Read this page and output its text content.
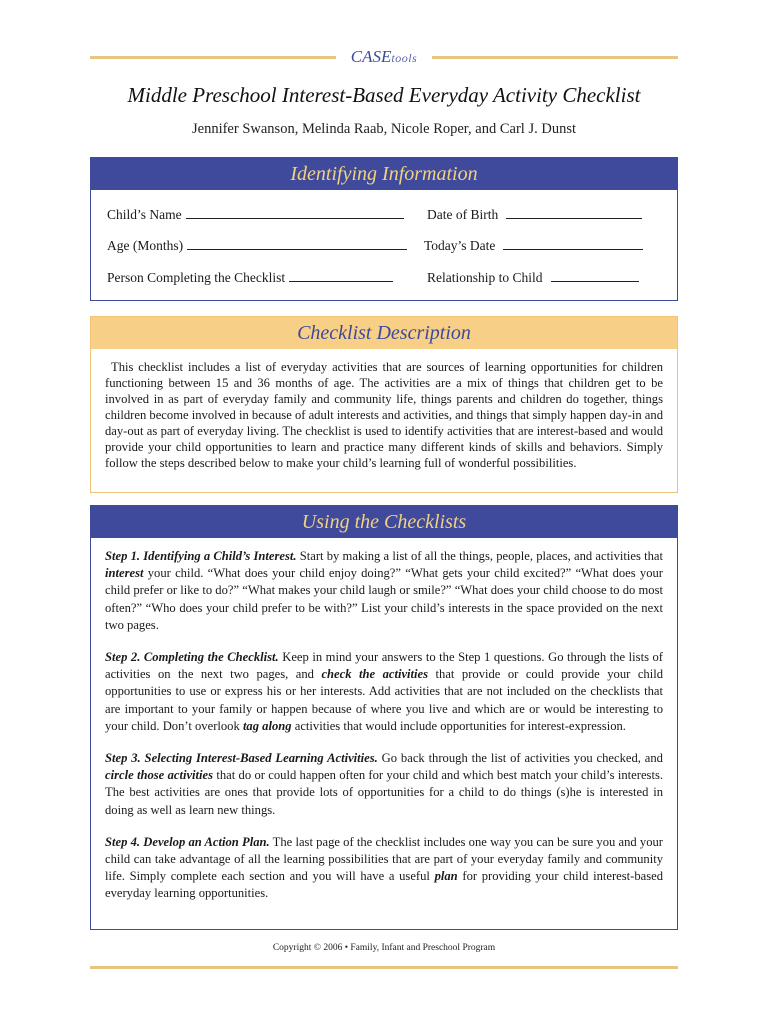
CASEtools
Middle Preschool Interest-Based Everyday Activity Checklist
Jennifer Swanson, Melinda Raab, Nicole Roper, and Carl J. Dunst
Identifying Information
Child’s Name	Date of Birth
Age (Months)	Today’s Date
Person Completing the Checklist	Relationship to Child
Checklist Description
This checklist includes a list of everyday activities that are sources of learning opportunities for children functioning between 15 and 36 months of age. The activities are a mix of things that children get to be involved in as part of everyday family and community life, things parents and children do together, things children become involved in because of adult interests and activities, and things that simply happen day-in and day-out as part of everyday living. The checklist is used to identify activities that are interest-based and would provide your child opportunities to learn and practice many different kinds of skills and behaviors. Simply follow the steps described below to make your child’s learning full of wonderful possibilities.
Using the Checklists

Step 1. Identifying a Child’s Interest. Start by making a list of all the things, people, places, and activities that interest your child. “What does your child enjoy doing?” “What gets your child excited?” “What does your child prefer or like to do?” “What makes your child laugh or smile?” “What does your child choose to do most often?” “Who does your child prefer to be with?” List your child’s interests in the space provided on the next two pages.

Step 2. Completing the Checklist. Keep in mind your answers to the Step 1 questions. Go through the lists of activities on the next two pages, and check the activities that provide or could provide your child opportunities to use or express his or her interests. Add activities that are not included on the checklists that are important to your family or happen because of where you live and which are or would be interesting to your child. Don’t overlook tag along activities that would include opportunities for interest-expression.

Step 3. Selecting Interest-Based Learning Activities. Go back through the list of activities you checked, and circle those activities that do or could happen often for your child and which best match your child’s interests. The best activities are ones that provide lots of opportunities for a child to do things (s)he is interested in doing as well as learn new things.

Step 4. Develop an Action Plan. The last page of the checklist includes one way you can be sure you and your child can take advantage of all the learning possibilities that are part of your everyday family and community life. Simply complete each section and you will have a useful plan for providing your child interest-based everyday learning opportunities.

Copyright © 2006 • Family, Infant and Preschool Program
